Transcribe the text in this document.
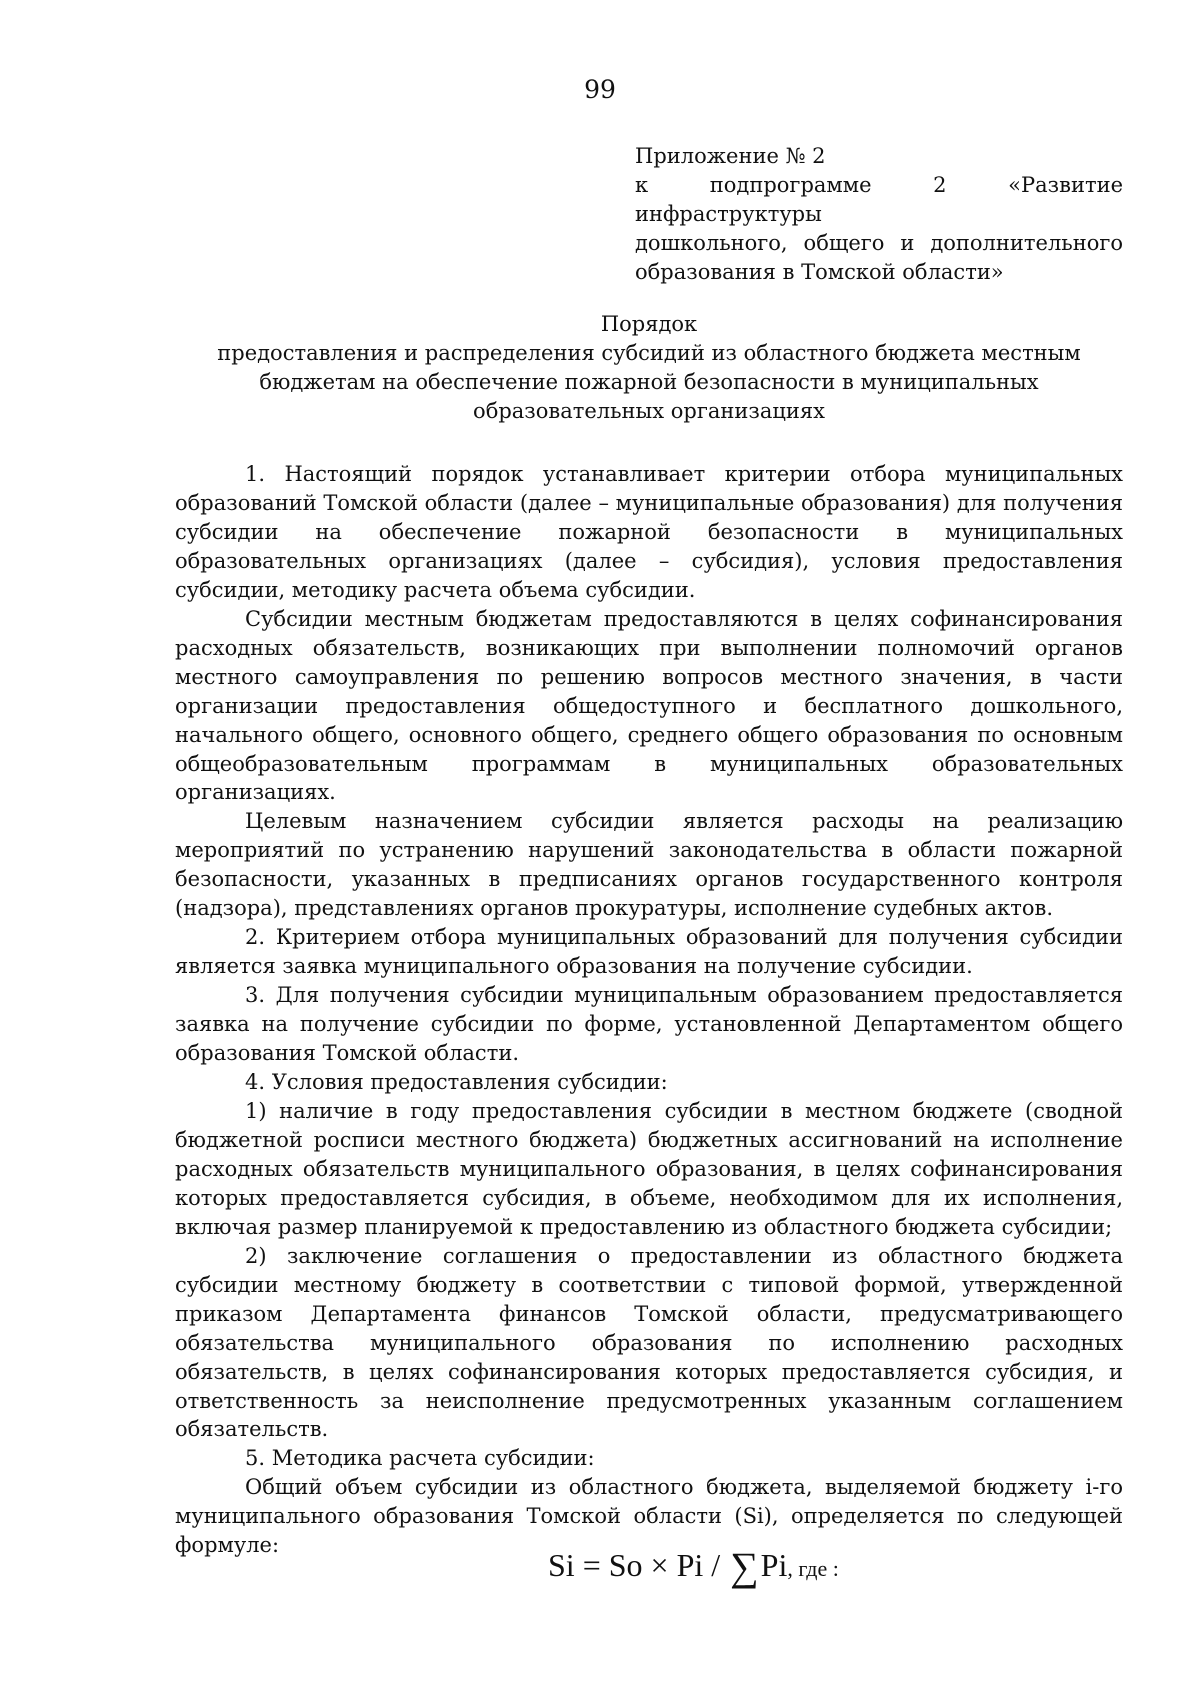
99
Приложение № 2
к подпрограмме 2 «Развитие инфраструктуры
дошкольного, общего и дополнительного
образования в Томской области»
Порядок
предоставления и распределения субсидий из областного бюджета местным
бюджетам на обеспечение пожарной безопасности в муниципальных
образовательных организациях

1. Настоящий порядок устанавливает критерии отбора муниципальных образований Томской области (далее – муниципальные образования) для получения субсидии на обеспечение пожарной безопасности в муниципальных образовательных организациях (далее – субсидия), условия предоставления субсидии, методику расчета объема субсидии.

Субсидии местным бюджетам предоставляются в целях софинансирования расходных обязательств, возникающих при выполнении полномочий органов местного самоуправления по решению вопросов местного значения, в части организации предоставления общедоступного и бесплатного дошкольного, начального общего, основного общего, среднего общего образования по основным общеобразовательным программам в муниципальных образовательных организациях.

Целевым назначением субсидии является расходы на реализацию мероприятий по устранению нарушений законодательства в области пожарной безопасности, указанных в предписаниях органов государственного контроля (надзора), представлениях органов прокуратуры, исполнение судебных актов.

2. Критерием отбора муниципальных образований для получения субсидии является заявка муниципального образования на получение субсидии.

3. Для получения субсидии муниципальным образованием предоставляется заявка на получение субсидии по форме, установленной Департаментом общего образования Томской области.

4. Условия предоставления субсидии:

1) наличие в году предоставления субсидии в местном бюджете (сводной бюджетной росписи местного бюджета) бюджетных ассигнований на исполнение расходных обязательств муниципального образования, в целях софинансирования которых предоставляется субсидия, в объеме, необходимом для их исполнения, включая размер планируемой к предоставлению из областного бюджета субсидии;

2) заключение соглашения о предоставлении из областного бюджета субсидии местному бюджету в соответствии с типовой формой, утвержденной приказом Департамента финансов Томской области, предусматривающего обязательства муниципального образования по исполнению расходных обязательств, в целях софинансирования которых предоставляется субсидия, и ответственность за неисполнение предусмотренных указанным соглашением обязательств.

5. Методика расчета субсидии:

Общий объем субсидии из областного бюджета, выделяемой бюджету i-го муниципального образования Томской области (Si), определяется по следующей формуле:

Si = So × Pi / ∑Pi, где :
